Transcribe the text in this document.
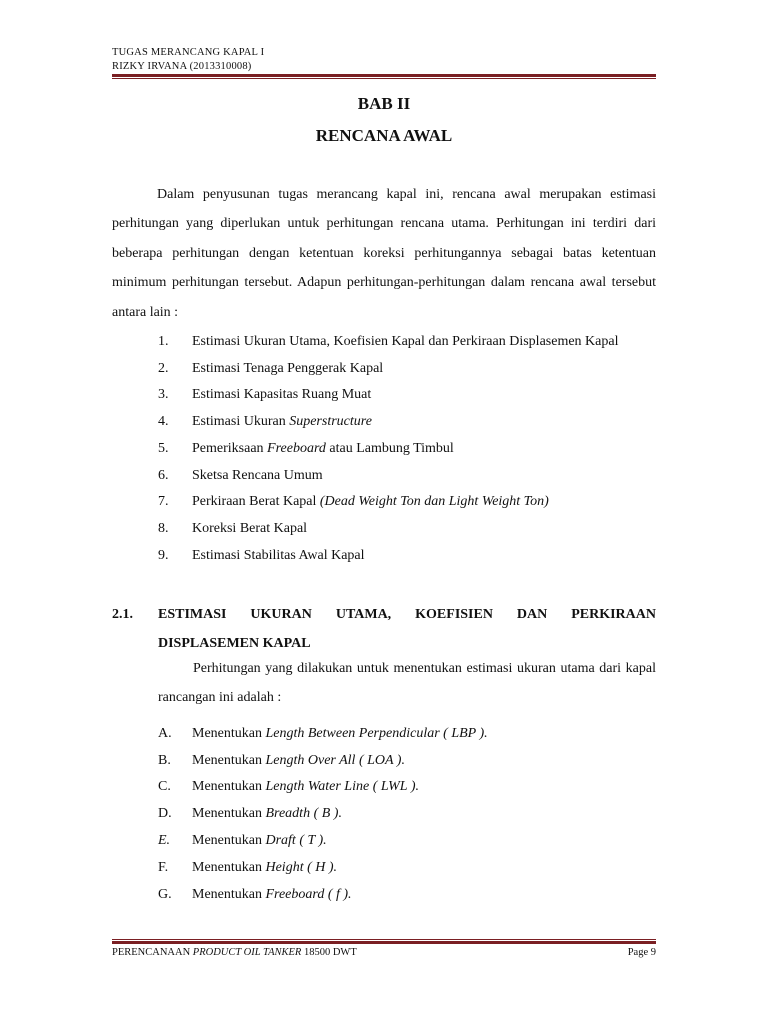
TUGAS MERANCANG KAPAL I
RIZKY IRVANA (2013310008)
BAB II
RENCANA AWAL

Dalam penyusunan tugas merancang kapal ini, rencana awal merupakan estimasi perhitungan yang diperlukan untuk perhitungan rencana utama. Perhitungan ini terdiri dari beberapa perhitungan dengan ketentuan koreksi perhitungannya sebagai batas ketentuan minimum perhitungan tersebut. Adapun perhitungan-perhitungan dalam rencana awal tersebut antara lain :

1. Estimasi Ukuran Utama, Koefisien Kapal dan Perkiraan Displasemen Kapal
2. Estimasi Tenaga Penggerak Kapal
3. Estimasi Kapasitas Ruang Muat
4. Estimasi Ukuran Superstructure
5. Pemeriksaan Freeboard atau Lambung Timbul
6. Sketsa Rencana Umum
7. Perkiraan Berat Kapal (Dead Weight Ton dan Light Weight Ton)
8. Koreksi Berat Kapal
9. Estimasi Stabilitas Awal Kapal
2.1. ESTIMASI UKURAN UTAMA, KOEFISIEN DAN PERKIRAAN
DISPLASEMEN KAPAL

Perhitungan yang dilakukan untuk menentukan estimasi ukuran utama dari kapal rancangan ini adalah :

A. Menentukan Length Between Perpendicular ( LBP ).
B. Menentukan Length Over All ( LOA ).
C. Menentukan Length Water Line ( LWL ).
D. Menentukan Breadth ( B ).
E. Menentukan Draft ( T ).
F. Menentukan Height ( H ).
G. Menentukan Freeboard ( f ).
PERENCANAAN PRODUCT OIL TANKER 18500 DWT	Page 9
